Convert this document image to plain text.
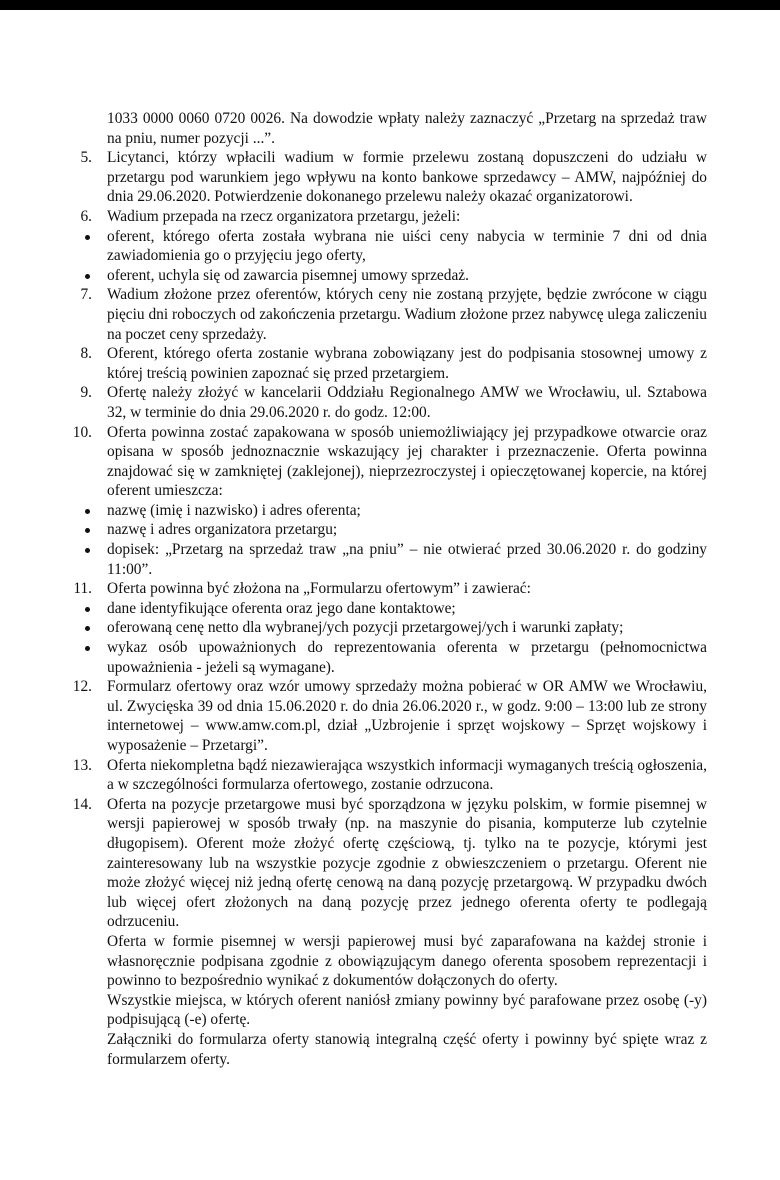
1033 0000 0060 0720 0026. Na dowodzie wpłaty należy zaznaczyć „Przetarg na sprzedaż traw na pniu, numer pozycji ...”.

5. Licytanci, którzy wpłacili wadium w formie przelewu zostaną dopuszczeni do udziału w przetargu pod warunkiem jego wpływu na konto bankowe sprzedawcy – AMW, najpóźniej do dnia 29.06.2020. Potwierdzenie dokonanego przelewu należy okazać organizatorowi.
6. Wadium przepada na rzecz organizatora przetargu, jeżeli:
oferent, którego oferta została wybrana nie uiści ceny nabycia w terminie 7 dni od dnia zawiadomienia go o przyjęciu jego oferty,
oferent, uchyla się od zawarcia pisemnej umowy sprzedaż.
7. Wadium złożone przez oferentów, których ceny nie zostaną przyjęte, będzie zwrócone w ciągu pięciu dni roboczych od zakończenia przetargu. Wadium złożone przez nabywcę ulega zaliczeniu na poczet ceny sprzedaży.
8. Oferent, którego oferta zostanie wybrana zobowiązany jest do podpisania stosownej umowy z której treścią powinien zapoznać się przed przetargiem.
9. Ofertę należy złożyć w kancelarii Oddziału Regionalnego AMW we Wrocławiu, ul. Sztabowa 32, w terminie do dnia 29.06.2020 r. do godz. 12:00.
10. Oferta powinna zostać zapakowana w sposób uniemożliwiający jej przypadkowe otwarcie oraz opisana w sposób jednoznacznie wskazujący jej charakter i przeznaczenie. Oferta powinna znajdować się w zamkniętej (zaklejonej), nieprzezroczystej i opieczętowanej kopercie, na której oferent umieszcza:
nazwę (imię i nazwisko) i adres oferenta;
nazwę i adres organizatora przetargu;
dopisek: „Przetarg na sprzedaż traw „na pniu” – nie otwierać przed 30.06.2020 r. do godziny 11:00”.
11. Oferta powinna być złożona na „Formularzu ofertowym” i zawierać:
dane identyfikujące oferenta oraz jego dane kontaktowe;
oferowaną cenę netto dla wybranej/ych pozycji przetargowej/ych i warunki zapłaty;
wykaz osób upoważnionych do reprezentowania oferenta w przetargu (pełnomocnictwa upoważnienia - jeżeli są wymagane).
12. Formularz ofertowy oraz wzór umowy sprzedaży można pobierać w OR AMW we Wrocławiu, ul. Zwycięska 39 od dnia 15.06.2020 r. do dnia 26.06.2020 r., w godz. 9:00 – 13:00 lub ze strony internetowej – www.amw.com.pl, dział „Uzbrojenie i sprzęt wojskowy – Sprzęt wojskowy i wyposażenie – Przetargi”.
13. Oferta niekompletna bądź niezawierająca wszystkich informacji wymaganych treścią ogłoszenia, a w szczególności formularza ofertowego, zostanie odrzucona.
14. Oferta na pozycje przetargowe musi być sporządzona w języku polskim, w formie pisemnej w wersji papierowej w sposób trwały (np. na maszynie do pisania, komputerze lub czytelnie długopisem). Oferent może złożyć ofertę częściową, tj. tylko na te pozycje, którymi jest zainteresowany lub na wszystkie pozycje zgodnie z obwieszczeniem o przetargu. Oferent nie może złożyć więcej niż jedną ofertę cenową na daną pozycję przetargową. W przypadku dwóch lub więcej ofert złożonych na daną pozycję przez jednego oferenta oferty te podlegają odrzuceniu.

Oferta w formie pisemnej w wersji papierowej musi być zaparafowana na każdej stronie i własnoręcznie podpisana zgodnie z obowiązującym danego oferenta sposobem reprezentacji i powinno to bezpośrednio wynikać z dokumentów dołączonych do oferty.

Wszystkie miejsca, w których oferent naniósł zmiany powinny być parafowane przez osobę (-y) podpisującą (-e) ofertę.

Załączniki do formularza oferty stanowią integralną część oferty i powinny być spięte wraz z formularzem oferty.
